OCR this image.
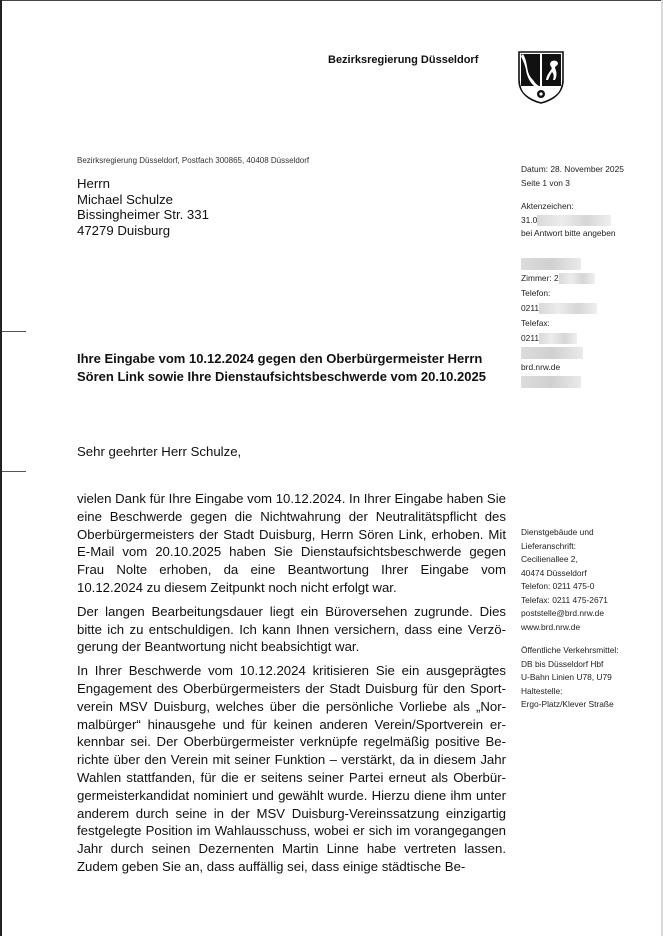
Bezirksregierung Düsseldorf
Bezirksregierung Düsseldorf, Postfach 300865, 40408 Düsseldorf
Herrn
Michael Schulze
Bissingheimer Str. 331
47279 Duisburg
Datum: 28. November 2025
Seite 1 von 3
Aktenzeichen:
31.0
bei Antwort bitte angeben
Zimmer: 2
Telefon:
0211
Telefax:
0211
brd.nrw.de
Dienstgebäude und
Lieferanschrift:
Cecilienallee 2,
40474 Düsseldorf
Telefon: 0211 475-0
Telefax: 0211 475-2671
poststelle@brd.nrw.de
www.brd.nrw.de
Öffentliche Verkehrsmittel:
DB bis Düsseldorf Hbf
U-Bahn Linien U78, U79
Haltestelle:
Ergo-Platz/Klever Straße
Ihre Eingabe vom 10.12.2024 gegen den Oberbürgermeister Herrn
Sören Link sowie Ihre Dienstaufsichtsbeschwerde vom 20.10.2025
Sehr geehrter Herr Schulze,

vielen Dank für Ihre Eingabe vom 10.12.2024. In Ihrer Eingabe haben Sie eine Beschwerde gegen die Nichtwahrung der Neutralitätspflicht des Oberbürgermeisters der Stadt Duisburg, Herrn Sören Link, erhoben. Mit E-Mail vom 20.10.2025 haben Sie Dienstaufsichtsbeschwerde gegen Frau Nolte erhoben, da eine Beantwortung Ihrer Eingabe vom 10.12.2024 zu diesem Zeitpunkt noch nicht erfolgt war.

Der langen Bearbeitungsdauer liegt ein Büroversehen zugrunde. Dies bitte ich zu entschuldigen. Ich kann Ihnen versichern, dass eine Verzögerung der Beantwortung nicht beabsichtigt war.

In Ihrer Beschwerde vom 10.12.2024 kritisieren Sie ein ausgeprägtes Engagement des Oberbürgermeisters der Stadt Duisburg für den Sportverein MSV Duisburg, welches über die persönliche Vorliebe als „Normalbürger“ hinausgehe und für keinen anderen Verein/Sportverein erkennbar sei. Der Oberbürgermeister verknüpfe regelmäßig positive Berichte über den Verein mit seiner Funktion – verstärkt, da in diesem Jahr Wahlen stattfanden, für die er seitens seiner Partei erneut als Oberbürgermeisterkandidat nominiert und gewählt wurde. Hierzu diene ihm unter anderem durch seine in der MSV Duisburg-Vereinssatzung einzigartig festgelegte Position im Wahlausschuss, wobei er sich im vorangegangen Jahr durch seinen Dezernenten Martin Linne habe vertreten lassen. Zudem geben Sie an, dass auffällig sei, dass einige städtische Be-
